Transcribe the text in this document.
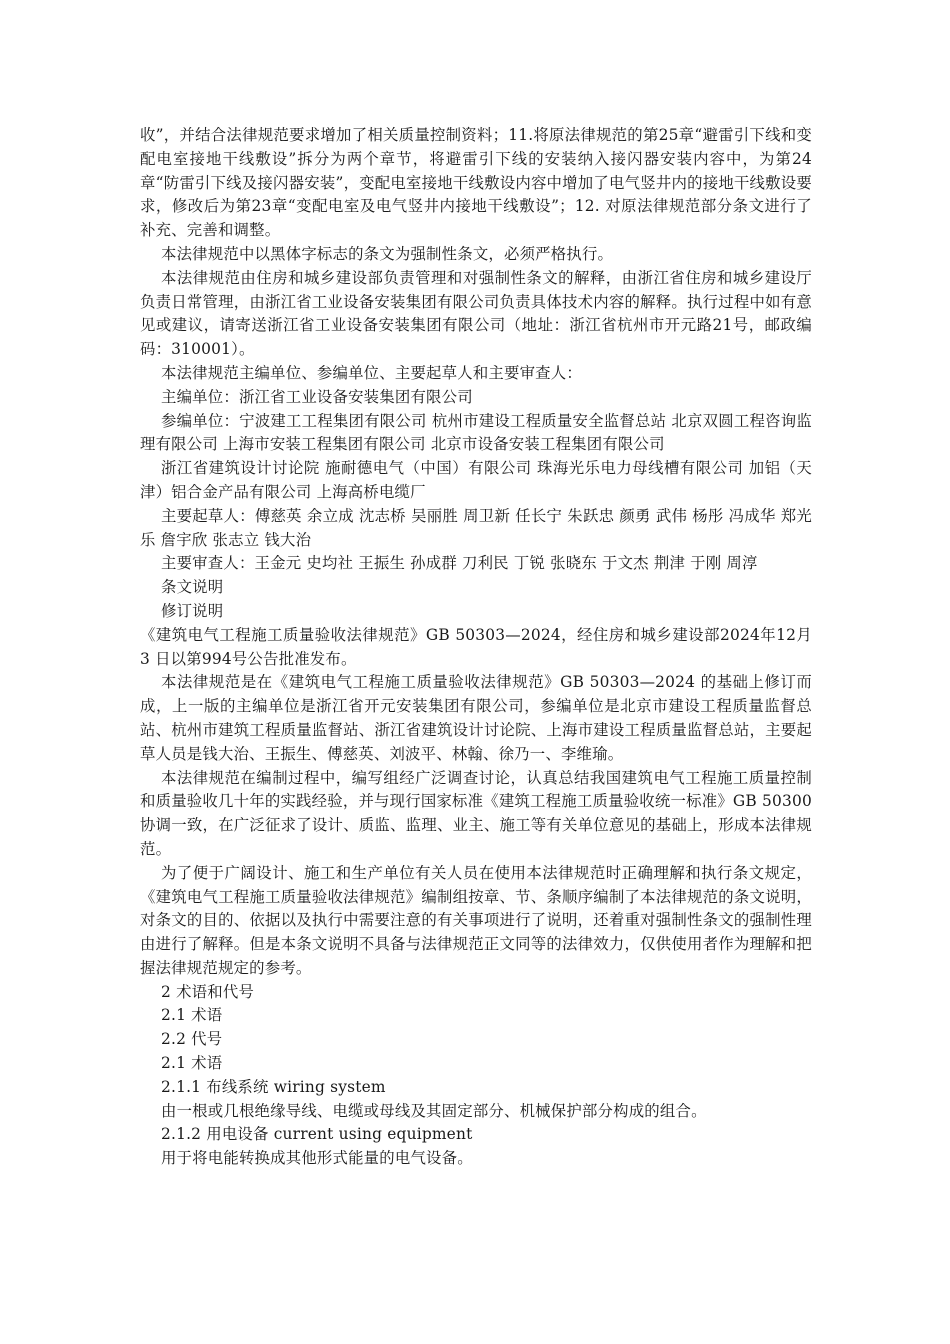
收”，并结合法律规范要求增加了相关质量控制资料；11.将原法律规范的第25章“避雷引下线和变配电室接地干线敷设”拆分为两个章节，将避雷引下线的安装纳入接闪器安装内容中，为第24章“防雷引下线及接闪器安装”，变配电室接地干线敷设内容中增加了电气竖井内的接地干线敷设要求，修改后为第23章“变配电室及电气竖井内接地干线敷设”；12. 对原法律规范部分条文进行了补充、完善和调整。

本法律规范中以黑体字标志的条文为强制性条文，必须严格执行。

本法律规范由住房和城乡建设部负责管理和对强制性条文的解释，由浙江省住房和城乡建设厅负责日常管理，由浙江省工业设备安装集团有限公司负责具体技术内容的解释。执行过程中如有意见或建议，请寄送浙江省工业设备安装集团有限公司（地址：浙江省杭州市开元路21号，邮政编码：310001）。

本法律规范主编单位、参编单位、主要起草人和主要审查人：

主编单位：浙江省工业设备安装集团有限公司

参编单位：宁波建工工程集团有限公司 杭州市建设工程质量安全监督总站 北京双圆工程咨询监理有限公司 上海市安装工程集团有限公司 北京市设备安装工程集团有限公司

浙江省建筑设计讨论院 施耐德电气（中国）有限公司 珠海光乐电力母线槽有限公司 加铝（天津）铝合金产品有限公司 上海高桥电缆厂

主要起草人：傅慈英 余立成 沈志桥 吴丽胜 周卫新 任长宁 朱跃忠 颜勇 武伟 杨彤 冯成华 郑光乐 詹宇欣 张志立 钱大治

主要审查人：王金元 史均社 王振生 孙成群 刀利民 丁锐 张晓东 于文杰 荆津 于刚 周淳

条文说明

修订说明

《建筑电气工程施工质量验收法律规范》GB 50303—2024，经住房和城乡建设部2024年12月3 日以第994号公告批准发布。

本法律规范是在《建筑电气工程施工质量验收法律规范》GB 50303—2024 的基础上修订而成，上一版的主编单位是浙江省开元安装集团有限公司，参编单位是北京市建设工程质量监督总站、杭州市建筑工程质量监督站、浙江省建筑设计讨论院、上海市建设工程质量监督总站，主要起草人员是钱大治、王振生、傅慈英、刘波平、林翰、徐乃一、李维瑜。

本法律规范在编制过程中，编写组经广泛调查讨论，认真总结我国建筑电气工程施工质量控制和质量验收几十年的实践经验，并与现行国家标准《建筑工程施工质量验收统一标准》GB 50300协调一致，在广泛征求了设计、质监、监理、业主、施工等有关单位意见的基础上，形成本法律规范。

为了便于广阔设计、施工和生产单位有关人员在使用本法律规范时正确理解和执行条文规定，《建筑电气工程施工质量验收法律规范》编制组按章、节、条顺序编制了本法律规范的条文说明，对条文的目的、依据以及执行中需要注意的有关事项进行了说明，还着重对强制性条文的强制性理由进行了解释。但是本条文说明不具备与法律规范正文同等的法律效力，仅供使用者作为理解和把握法律规范规定的参考。

2 术语和代号

2.1 术语

2.2 代号

2.1 术语

2.1.1 布线系统 wiring system

由一根或几根绝缘导线、电缆或母线及其固定部分、机械保护部分构成的组合。

2.1.2 用电设备 current using equipment

用于将电能转换成其他形式能量的电气设备。
